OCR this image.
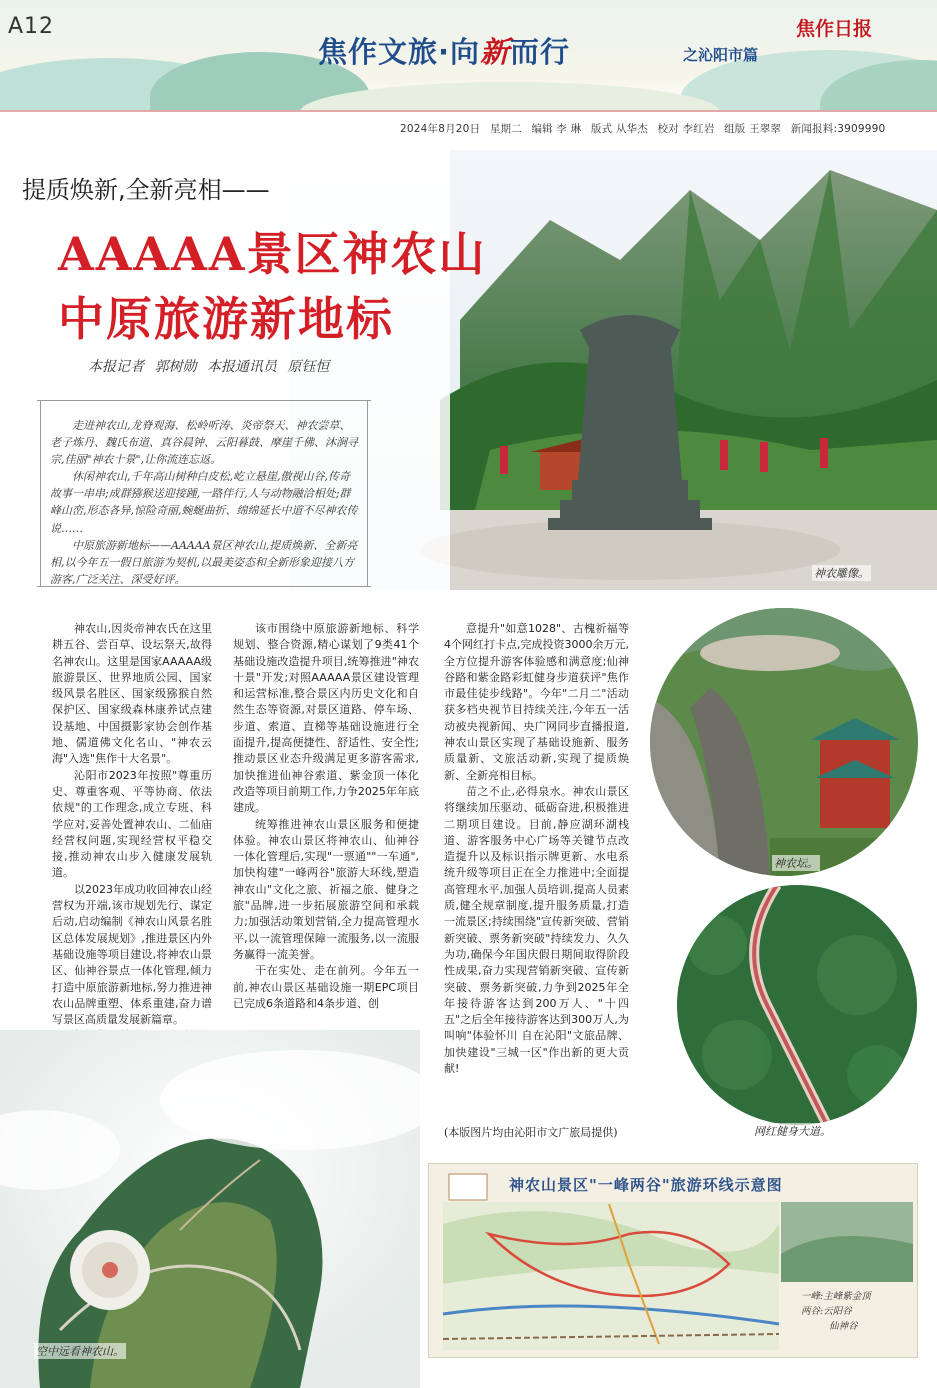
A12
焦作文旅·向新而行	之沁阳市篇
焦作日报
2024年8月20日 星期二 编辑 李 琳 版式 从华杰 校对 李红岩 组版 王翠翠 新闻报料:3909990
提质焕新,全新亮相——
AAAAA景区神农山
中原旅游新地标
本报记者 郭树勋 本报通讯员 原钰恒

走进神农山,龙脊观海、松岭听涛、炎帝祭天、神农尝草、老子炼丹、魏氏布道、真谷晨钟、云阳暮鼓、摩崖千佛、沐涧寻宗,佳丽"神农十景",让你流连忘返。

休闲神农山,千年高山树种白皮松,屹立悬崖,傲视山谷,传奇故事一串串;成群猕猴送迎接踵,一路伴行,人与动物融洽相处;群峰山峦,形态各异,惊险奇丽,蜿蜒曲折、绵绵延长中道不尽神农传说……

中原旅游新地标——AAAAA景区神农山,提质焕新、全新亮相,以今年五一假日旅游为契机,以最美姿态和全新形象迎接八方游客,广泛关注、深受好评。	神农雕像。

神农山,因炎帝神农氏在这里耕五谷、尝百草、设坛祭天,故得名神农山。这里是国家AAAAA级旅游景区、世界地质公园、国家级风景名胜区、国家级猕猴自然保护区、国家级森林康养试点建设基地、中国摄影家协会创作基地、儒道佛文化名山、"神农云海"入选"焦作十大名景"。

沁阳市2023年按照"尊重历史、尊重客观、平等协商、依法依规"的工作理念,成立专班、科学应对,妥善处置神农山、二仙庙经营权问题,实现经营权平稳交接,推动神农山步入健康发展轨道。

以2023年成功收回神农山经营权为开端,该市规划先行、谋定后动,启动编制《神农山风景名胜区总体发展规划》,推进景区内外基础设施等项目建设,将神农山景区、仙神谷景点一体化管理,倾力打造中原旅游新地标,努力推进神农山品牌重塑、体系重建,奋力谱写景区高质量发展新篇章。

该市围绕中原旅游新地标、科学规划、整合资源,精心谋划了9类41个基础设施改造提升项目,统筹推进"神农十景"开发;对照AAAAA景区建设管理和运营标准,整合景区内历史文化和自然生态等资源,对景区道路、停车场、步道、索道、直梯等基础设施进行全面提升,提高便捷性、舒适性、安全性;推动景区业态升级满足更多游客需求,加快推进仙神谷索道、紫金顶一体化改造等项目前期工作,力争2025年年底建成。

统筹推进神农山景区服务和便捷体验。神农山景区将神农山、仙神谷一体化管理后,实现"一票通""一车通",加快构建"一峰两谷"旅游大环线,塑造神农山"文化之旅、祈福之旅、健身之旅"品牌,进一步拓展旅游空间和承载力;加强活动策划营销,全力提高管理水平,以一流管理保障一流服务,以一流服务赢得一流美誉。

干在实处、走在前列。今年五一前,神农山景区基础设施一期EPC项目已完成6条道路和4条步道、创

意提升"如意1028"、古槐祈福等4个网红打卡点,完成投资3000余万元,全方位提升游客体验感和满意度;仙神谷路和紫金路彩虹健身步道获评"焦作市最佳徒步线路"。今年"二月二"活动获多档央视节目持续关注,今年五一活动被央视新闻、央广网同步直播报道,神农山景区实现了基础设施新、服务质量新、文旅活动新,实现了提质焕新、全新亮相目标。

苗之不止,必得泉水。神农山景区将继续加压驱动、砥砺奋进,积极推进二期项目建设。目前,静应湖环湖栈道、游客服务中心广场等关键节点改造提升以及标识指示牌更新、水电系统升级等项目正在全力推进中;全面提高管理水平,加强人员培训,提高人员素质,健全规章制度,提升服务质量,打造一流景区;持续围绕"宣传新突破、营销新突破、票务新突破"持续发力、久久为功,确保今年国庆假日期间取得阶段性成果,奋力实现营销新突破、宣传新突破、票务新突破,力争到2025年全年接待游客达到200万人、"十四五"之后全年接待游客达到300万人,为叫响"体验怀川 自在沁阳"文旅品牌、加快建设"三城一区"作出新的更大贡献!

神农坛。
网红健身大道。
空中远看神农山。
(本版图片均由沁阳市文广旅局提供)
神农山景区"一峰两谷"旅游环线示意图
一峰:主峰紫金顶
两谷:云阳谷
仙神谷
